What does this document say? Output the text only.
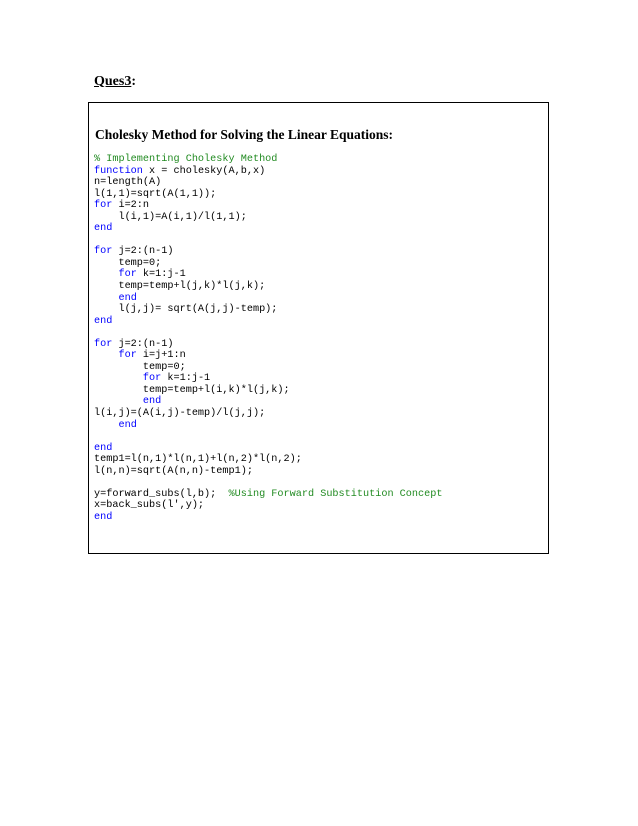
Ques3:
Cholesky Method for Solving the Linear Equations:
% Implementing Cholesky Method
function x = cholesky(A,b,x)
n=length(A)
l(1,1)=sqrt(A(1,1));
for i=2:n
l(i,1)=A(i,1)/l(1,1);
end
for j=2:(n-1)
temp=0;
for k=1:j-1
temp=temp+l(j,k)*l(j,k);
end
l(j,j)= sqrt(A(j,j)-temp);
end
for j=2:(n-1)
for i=j+1:n
temp=0;
for k=1:j-1
temp=temp+l(i,k)*l(j,k);
end
l(i,j)=(A(i,j)-temp)/l(j,j);
end
end
temp1=l(n,1)*l(n,1)+l(n,2)*l(n,2);
l(n,n)=sqrt(A(n,n)-temp1);
y=forward_subs(l,b);  %Using Forward Substitution Concept
x=back_subs(l',y);
end
